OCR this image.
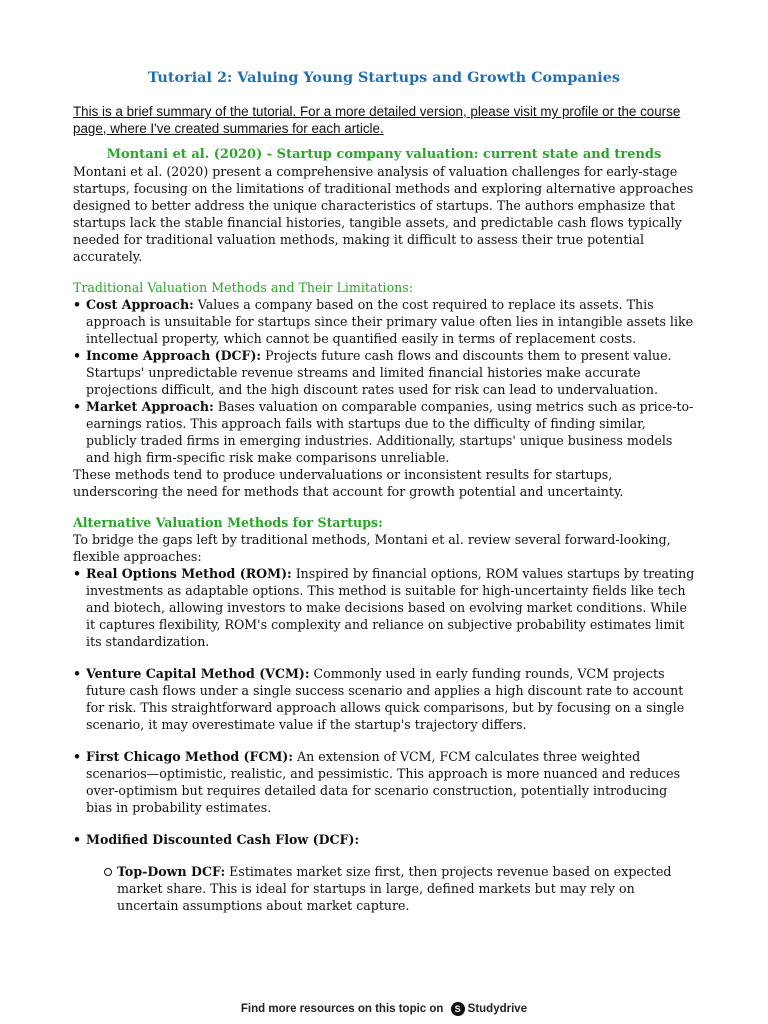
Tutorial 2: Valuing Young Startups and Growth Companies

This is a brief summary of the tutorial. For a more detailed version, please visit my profile or the course page, where I've created summaries for each article.

Montani et al. (2020) - Startup company valuation: current state and trends

Montani et al. (2020) present a comprehensive analysis of valuation challenges for early-stage startups, focusing on the limitations of traditional methods and exploring alternative approaches designed to better address the unique characteristics of startups. The authors emphasize that startups lack the stable financial histories, tangible assets, and predictable cash flows typically needed for traditional valuation methods, making it difficult to assess their true potential accurately.

Traditional Valuation Methods and Their Limitations:

• Cost Approach: Values a company based on the cost required to replace its assets. This approach is unsuitable for startups since their primary value often lies in intangible assets like intellectual property, which cannot be quantified easily in terms of replacement costs.
• Income Approach (DCF): Projects future cash flows and discounts them to present value. Startups' unpredictable revenue streams and limited financial histories make accurate projections difficult, and the high discount rates used for risk can lead to undervaluation.
• Market Approach: Bases valuation on comparable companies, using metrics such as price-to-earnings ratios. This approach fails with startups due to the difficulty of finding similar, publicly traded firms in emerging industries. Additionally, startups' unique business models and high firm-specific risk make comparisons unreliable.

These methods tend to produce undervaluations or inconsistent results for startups, underscoring the need for methods that account for growth potential and uncertainty.

Alternative Valuation Methods for Startups:

To bridge the gaps left by traditional methods, Montani et al. review several forward-looking, flexible approaches:

• Real Options Method (ROM): Inspired by financial options, ROM values startups by treating investments as adaptable options. This method is suitable for high-uncertainty fields like tech and biotech, allowing investors to make decisions based on evolving market conditions. While it captures flexibility, ROM's complexity and reliance on subjective probability estimates limit its standardization.
• Venture Capital Method (VCM): Commonly used in early funding rounds, VCM projects future cash flows under a single success scenario and applies a high discount rate to account for risk. This straightforward approach allows quick comparisons, but by focusing on a single scenario, it may overestimate value if the startup's trajectory differs.
• First Chicago Method (FCM): An extension of VCM, FCM calculates three weighted scenarios—optimistic, realistic, and pessimistic. This approach is more nuanced and reduces over-optimism but requires detailed data for scenario construction, potentially introducing bias in probability estimates.
• Modified Discounted Cash Flow (DCF):
Top-Down DCF: Estimates market size first, then projects revenue based on expected market share. This is ideal for startups in large, defined markets but may rely on uncertain assumptions about market capture.
Find more resources on this topic on S Studydrive
